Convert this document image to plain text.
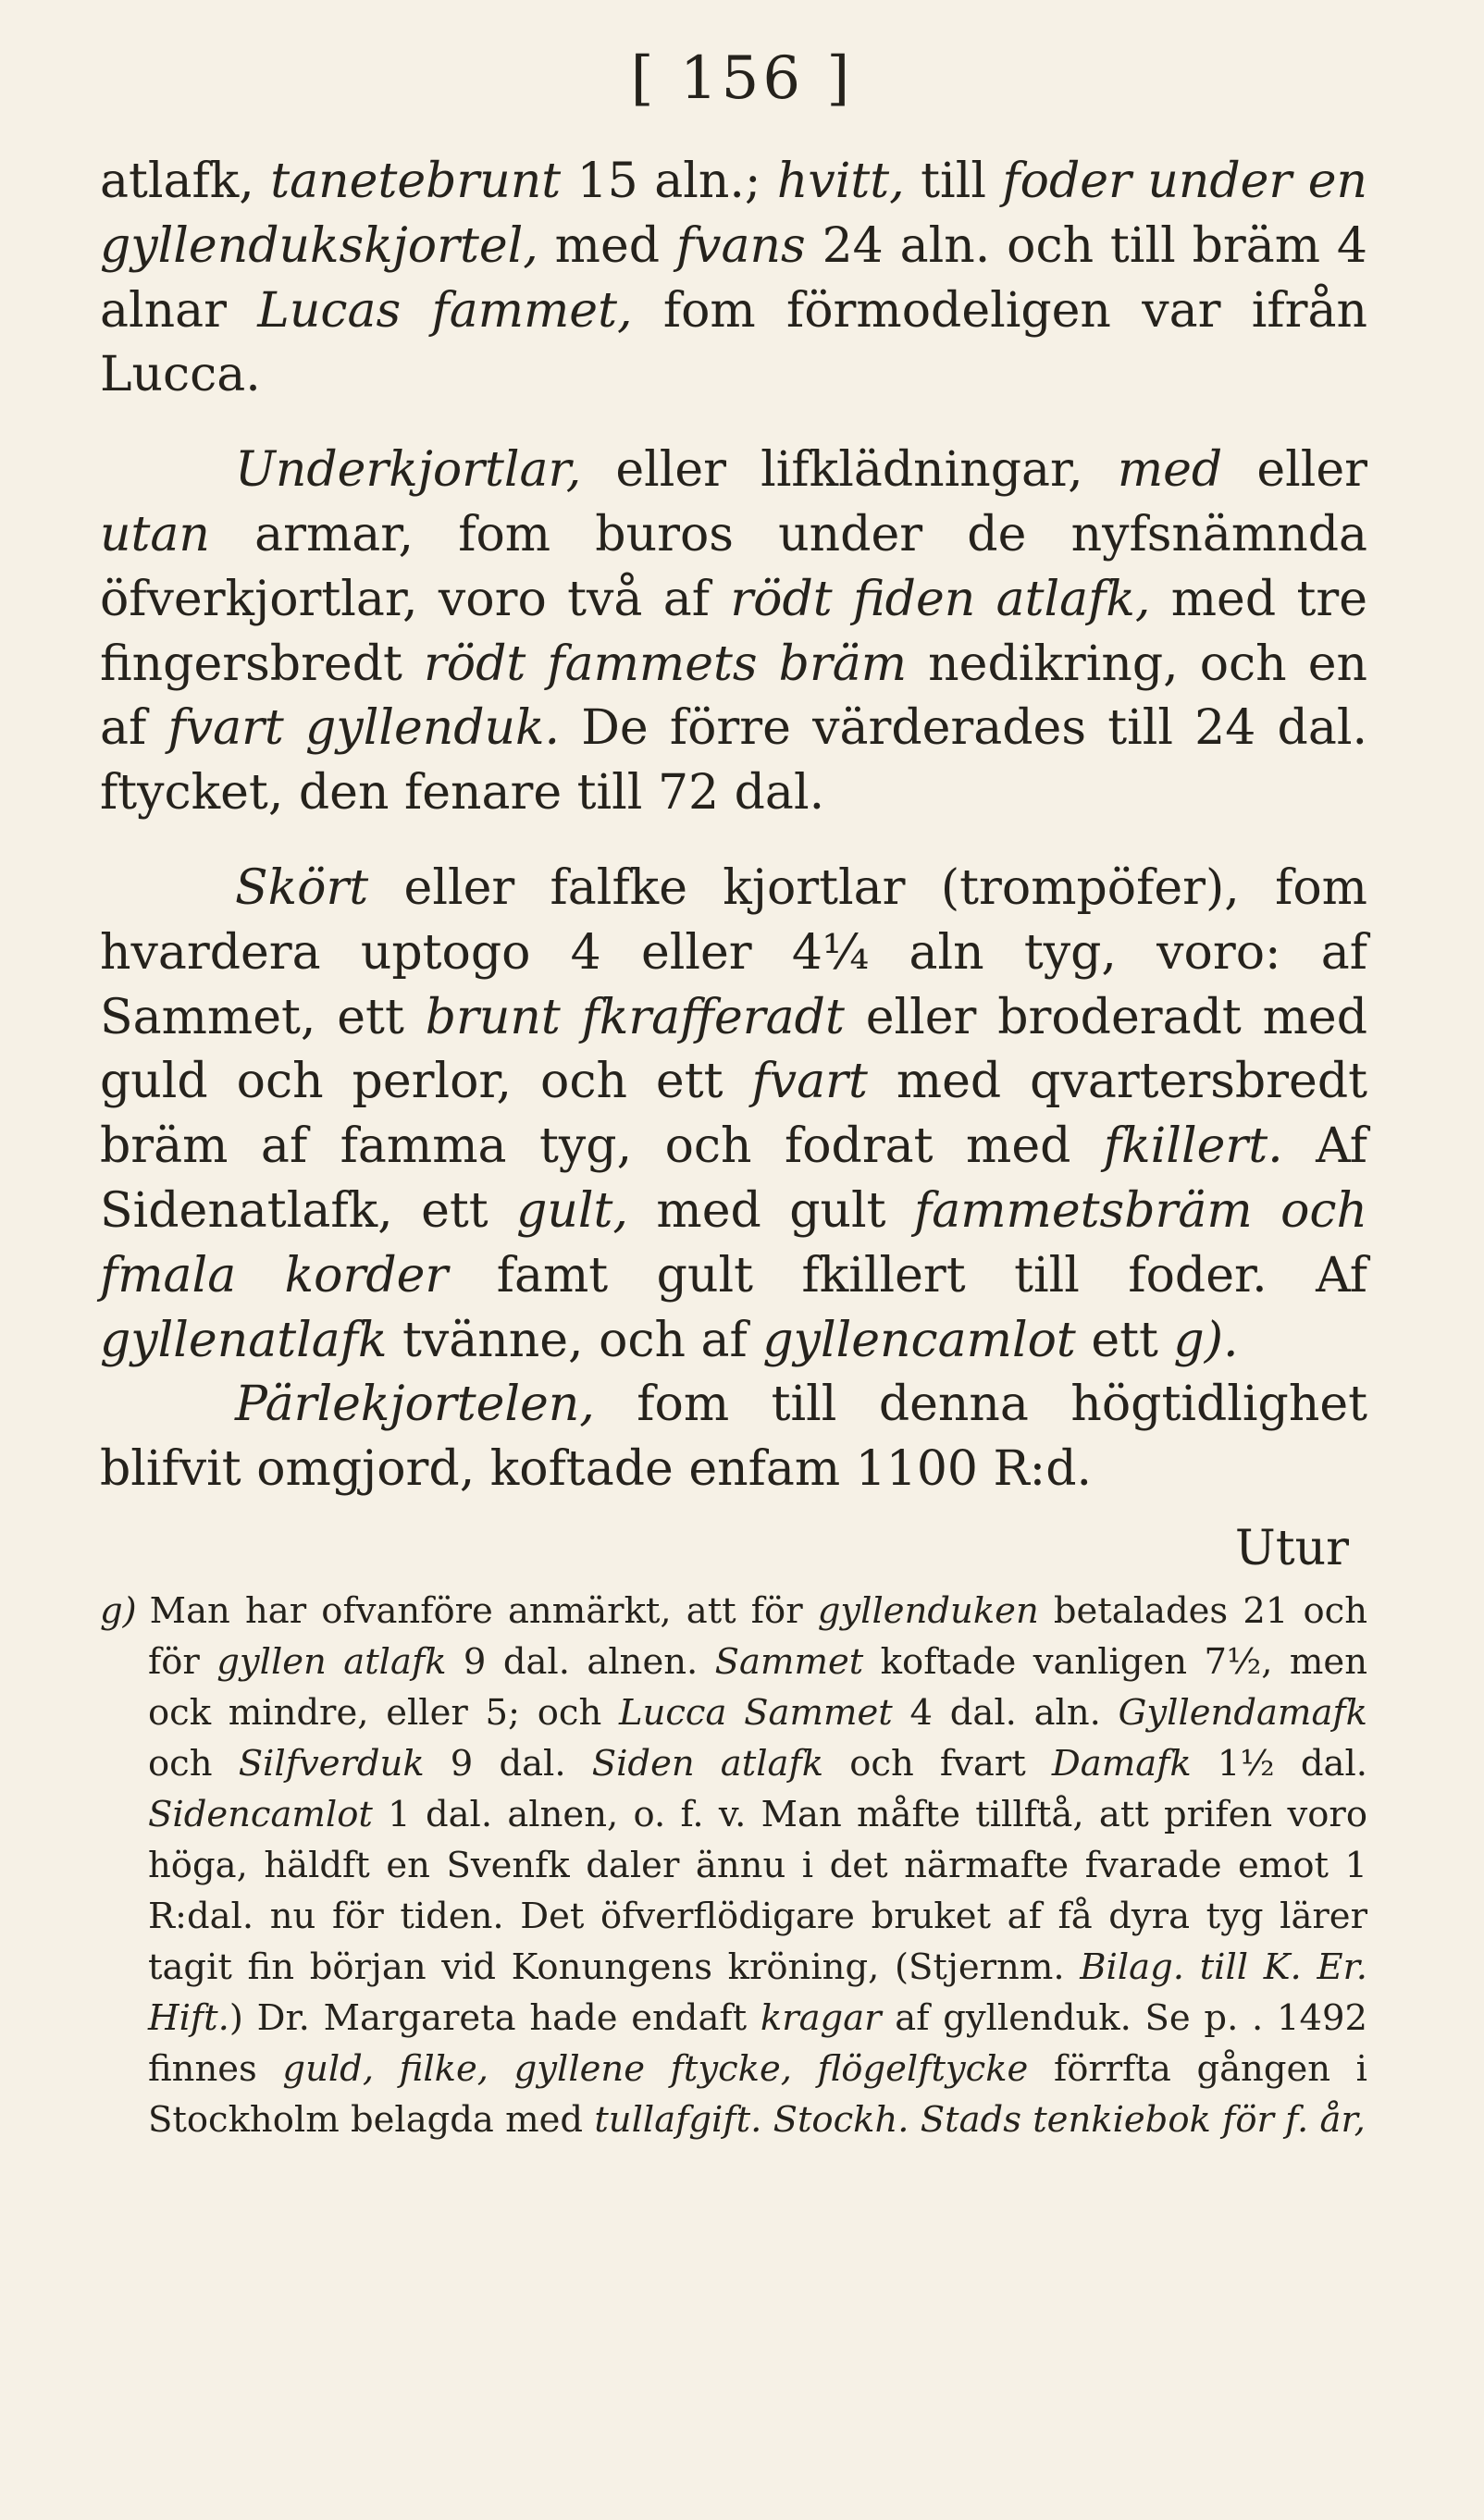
[ 156 ]

atlafk, tanetebrunt 15 aln.; hvitt, till foder under en gyllendukskjortel, med fvans 24 aln. och till bräm 4 alnar Lucas fammet, fom förmodeligen var ifrån Lucca.

Underkjortlar, eller lifklädningar, med eller utan armar, fom buros under de nyfsnämnda öfverkjortlar, voro två af rödt fiden atlafk, med tre fingersbredt rödt fammets bräm nedikring, och en af fvart gyllenduk. De förre värderades till 24 dal. ftycket, den fenare till 72 dal.

Skört eller falfke kjortlar (trompöfer), fom hvardera uptogo 4 eller 4¼ aln tyg, voro: af Sammet, ett brunt fkrafferadt eller broderadt med guld och perlor, och ett fvart med qvartersbredt bräm af famma tyg, och fodrat med fkillert. Af Sidenatlafk, ett gult, med gult fammetsbräm och fmala korder famt gult fkillert till foder. Af gyllenatlafk tvänne, och af gyllencamlot ett g).

Pärlekjortelen, fom till denna högtidlighet blifvit omgjord, koftade enfam 1100 R:d.

Utur

g) Man har ofvanföre anmärkt, att för gyllenduken betalades 21 och för gyllen atlafk 9 dal. alnen. Sammet koftade vanligen 7½, men ock mindre, eller 5; och Lucca Sammet 4 dal. aln. Gyllendamafk och Silfverduk 9 dal. Siden atlafk och fvart Damafk 1½ dal. Sidencamlot 1 dal. alnen, o. f. v. Man måfte tillftå, att prifen voro höga, häldft en Svenfk daler ännu i det närmafte fvarade emot 1 R:dal. nu för tiden. Det öfverflödigare bruket af få dyra tyg lärer tagit fin början vid Konungens kröning, (Stjernm. Bilag. till K. Er. Hift.) Dr. Margareta hade endaft kragar af gyllenduk. Se p. . 1492 finnes guld, filke, gyllene ftycke, flögelftycke förrfta gången i Stockholm belagda med tullafgift. Stockh. Stads tenkiebok för f. år,
